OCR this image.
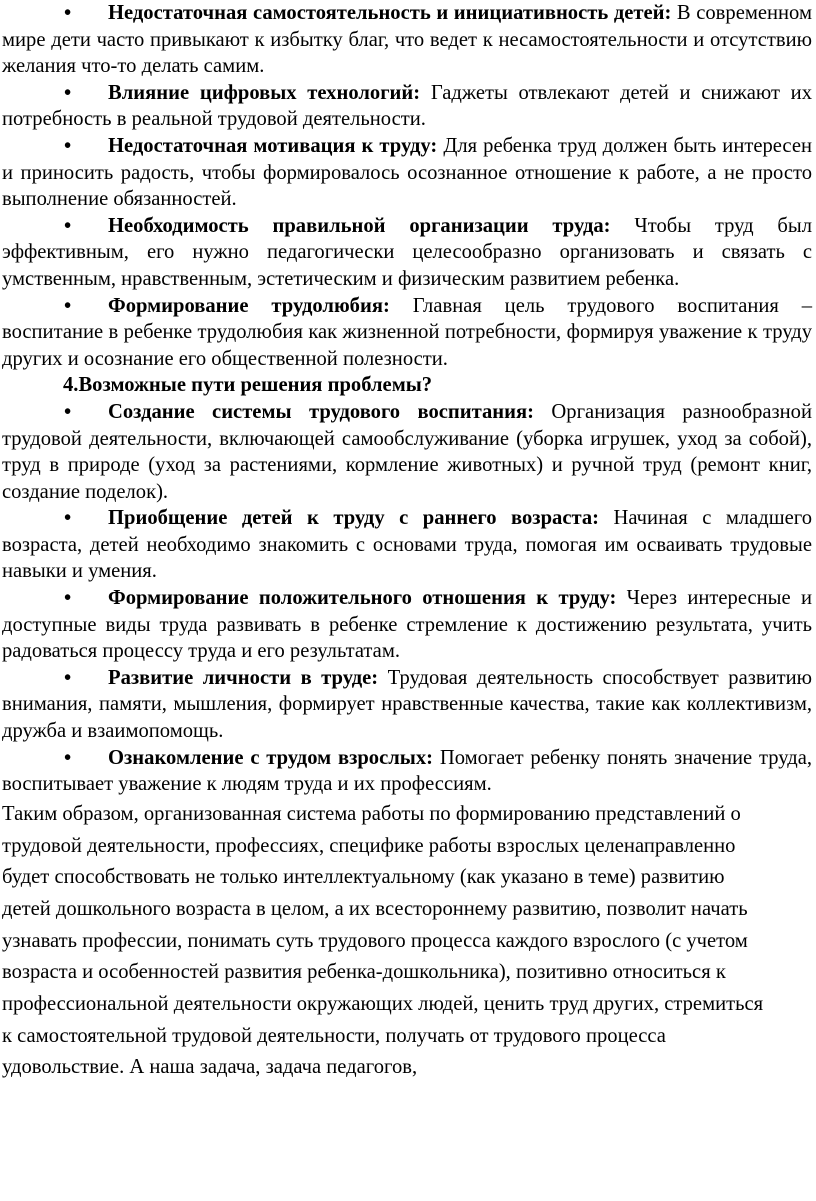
• Недостаточная самостоятельность и инициативность детей: В современном мире дети часто привыкают к избытку благ, что ведет к несамостоятельности и отсутствию желания что-то делать самим.

• Влияние цифровых технологий: Гаджеты отвлекают детей и снижают их потребность в реальной трудовой деятельности.

• Недостаточная мотивация к труду: Для ребенка труд должен быть интересен и приносить радость, чтобы формировалось осознанное отношение к работе, а не просто выполнение обязанностей.

• Необходимость правильной организации труда: Чтобы труд был эффективным, его нужно педагогически целесообразно организовать и связать с умственным, нравственным, эстетическим и физическим развитием ребенка.

• Формирование трудолюбия: Главная цель трудового воспитания – воспитание в ребенке трудолюбия как жизненной потребности, формируя уважение к труду других и осознание его общественной полезности.

4.Возможные пути решения проблемы?

• Создание системы трудового воспитания: Организация разнообразной трудовой деятельности, включающей самообслуживание (уборка игрушек, уход за собой), труд в природе (уход за растениями, кормление животных) и ручной труд (ремонт книг, создание поделок).

• Приобщение детей к труду с раннего возраста: Начиная с младшего возраста, детей необходимо знакомить с основами труда, помогая им осваивать трудовые навыки и умения.

• Формирование положительного отношения к труду: Через интересные и доступные виды труда развивать в ребенке стремление к достижению результата, учить радоваться процессу труда и его результатам.

• Развитие личности в труде: Трудовая деятельность способствует развитию внимания, памяти, мышления, формирует нравственные качества, такие как коллективизм, дружба и взаимопомощь.

• Ознакомление с трудом взрослых: Помогает ребенку понять значение труда, воспитывает уважение к людям труда и их профессиям.

Таким образом, организованная система работы по формированию представлений о трудовой деятельности, профессиях, специфике работы взрослых целенаправленно будет способствовать не только интеллектуальному (как указано в теме) развитию детей дошкольного возраста в целом, а их всестороннему развитию, позволит начать узнавать профессии, понимать суть трудового процесса каждого взрослого (с учетом возраста и особенностей развития ребенка-дошкольника), позитивно относиться к профессиональной деятельности окружающих людей, ценить труд других, стремиться к самостоятельной трудовой деятельности, получать от трудового процесса удовольствие. А наша задача, задача педагогов,
